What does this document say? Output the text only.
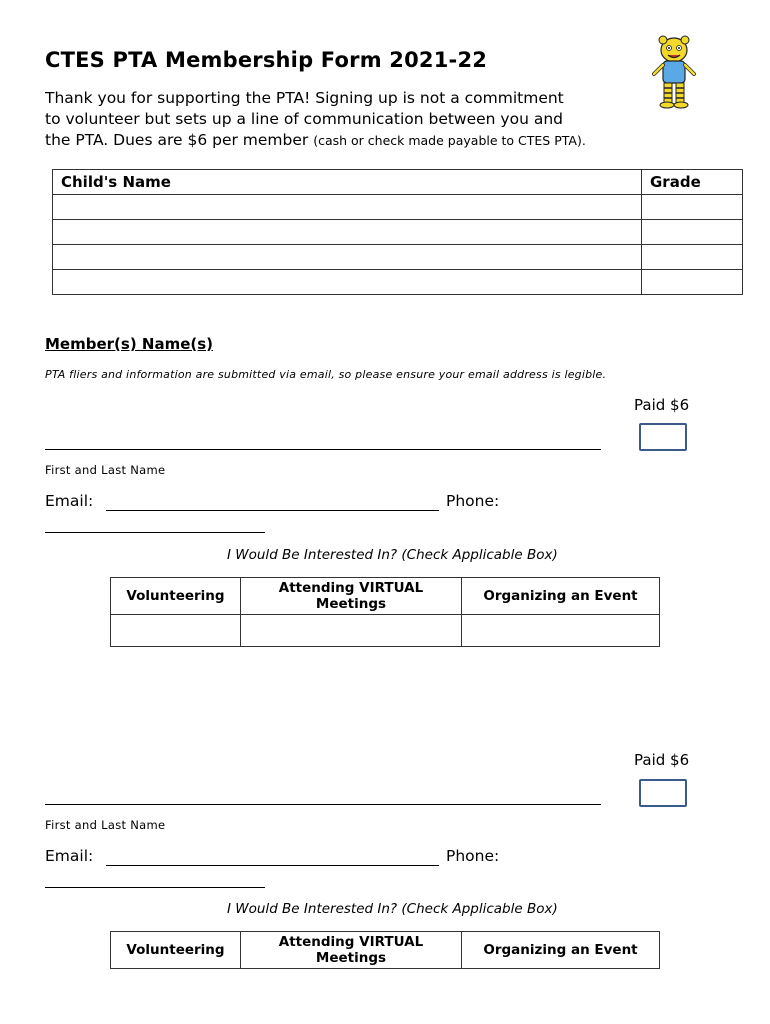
CTES PTA Membership Form 2021-22
Thank you for supporting the PTA! Signing up is not a commitment
to volunteer but sets up a line of communication between you and
the PTA. Dues are $6 per member (cash or check made payable to CTES PTA).
Child's Name	Grade

Member(s) Name(s)
PTA fliers and information are submitted via email, so please ensure your email address is legible.
Paid $6
First and Last Name
Email:	Phone:
I Would Be Interested In? (Check Applicable Box)
Volunteering	Attending VIRTUAL Meetings	Organizing an Event

Paid $6
First and Last Name
Email:	Phone:
I Would Be Interested In? (Check Applicable Box)
Volunteering	Attending VIRTUAL Meetings	Organizing an Event
